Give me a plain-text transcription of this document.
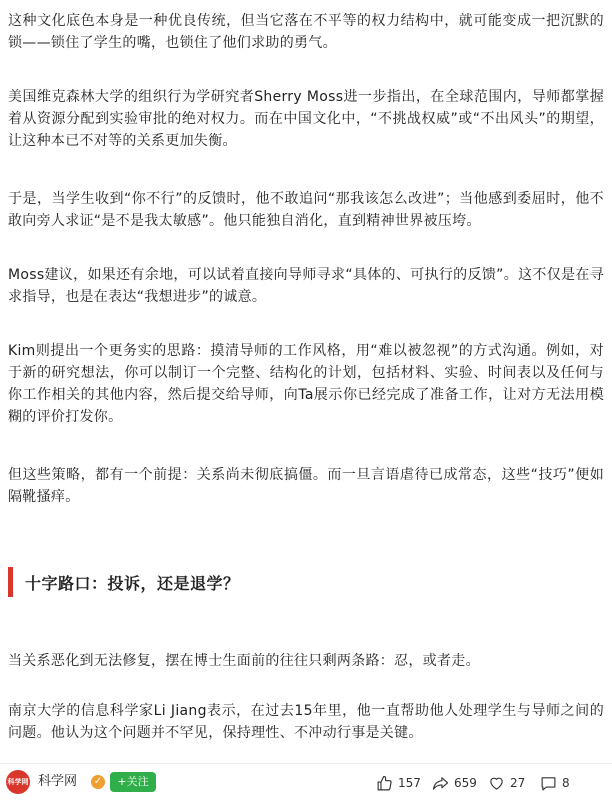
这种文化底色本身是一种优良传统，但当它落在不平等的权力结构中，就可能变成一把沉默的锁——锁住了学生的嘴，也锁住了他们求助的勇气。

美国维克森林大学的组织行为学研究者Sherry Moss进一步指出，在全球范围内，导师都掌握着从资源分配到实验审批的绝对权力。而在中国文化中，“不挑战权威”或“不出风头”的期望，让这种本已不对等的关系更加失衡。

于是，当学生收到“你不行”的反馈时，他不敢追问“那我该怎么改进”；当他感到委屈时，他不敢向旁人求证“是不是我太敏感”。他只能独自消化，直到精神世界被压垮。

Moss建议，如果还有余地，可以试着直接向导师寻求“具体的、可执行的反馈”。这不仅是在寻求指导，也是在表达“我想进步”的诚意。

Kim则提出一个更务实的思路：摸清导师的工作风格，用“难以被忽视”的方式沟通。例如，对于新的研究想法，你可以制订一个完整、结构化的计划，包括材料、实验、时间表以及任何与你工作相关的其他内容，然后提交给导师，向Ta展示你已经完成了准备工作，让对方无法用模糊的评价打发你。

但这些策略，都有一个前提：关系尚未彻底搞僵。而一旦言语虐待已成常态，这些“技巧”便如隔靴搔痒。

十字路口：投诉，还是退学？

当关系恶化到无法修复，摆在博士生面前的往往只剩两条路：忍，或者走。

南京大学的信息科学家Li Jiang表示，在过去15年里，他一直帮助他人处理学生与导师之间的问题。他认为这个问题并不罕见，保持理性、不冲动行事是关键。

科学网 科学网 ✓	+关注	157	659	27	8
